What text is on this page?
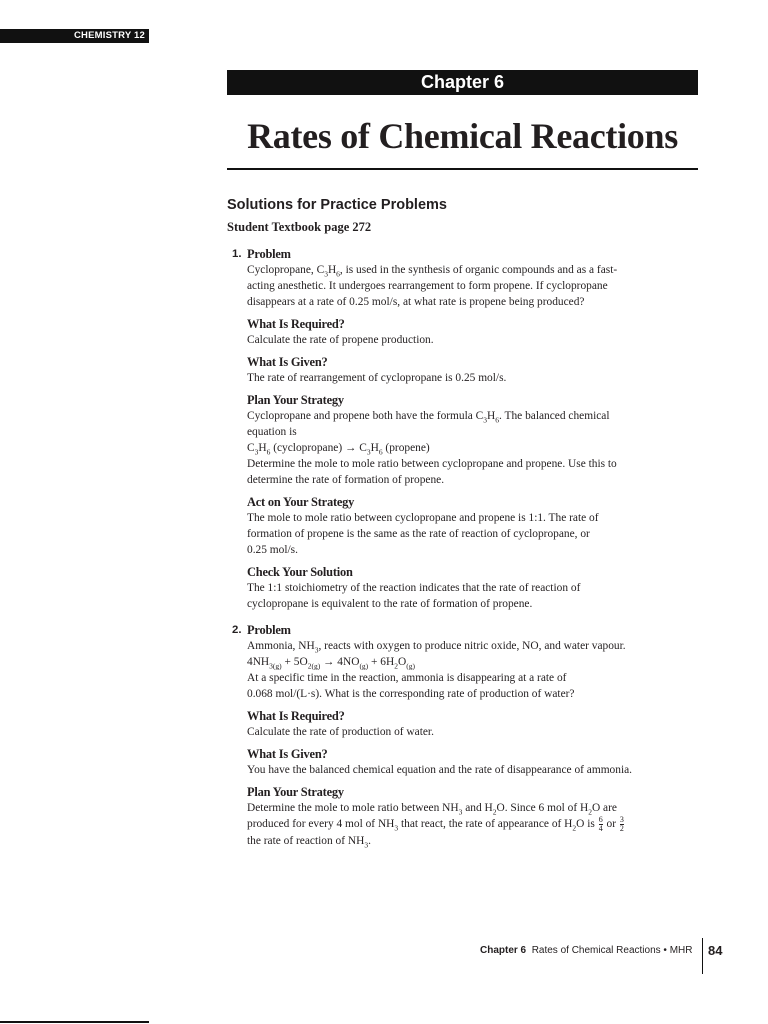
CHEMISTRY 12
Chapter 6
Rates of Chemical Reactions
Solutions for Practice Problems
Student Textbook page 272
1. Problem
Cyclopropane, $C_3H_6$, is used in the synthesis of organic compounds and as a fast-
acting anesthetic. It undergoes rearrangement to form propene. If cyclopropane
disappears at a rate of 0.25 mol/s, at what rate is propene being produced?
What Is Required?
Calculate the rate of propene production.
What Is Given?
The rate of rearrangement of cyclopropane is 0.25 mol/s.
Plan Your Strategy
Cyclopropane and propene both have the formula $C_3H_6$. The balanced chemical
equation is
$C_3H_6$ (cyclopropane) → $C_3H_6$ (propene)
Determine the mole to mole ratio between cyclopropane and propene. Use this to
determine the rate of formation of propene.
Act on Your Strategy
The mole to mole ratio between cyclopropane and propene is 1:1. The rate of
formation of propene is the same as the rate of reaction of cyclopropane, or
0.25 mol/s.
Check Your Solution
The 1:1 stoichiometry of the reaction indicates that the rate of reaction of
cyclopropane is equivalent to the rate of formation of propene.
2. Problem
Ammonia, $NH_3$, reacts with oxygen to produce nitric oxide, NO, and water vapour.
$4NH_{3(g)} + 5O_{2(g)} \to 4NO_{(g)} + 6H_2O_{(g)}$
At a specific time in the reaction, ammonia is disappearing at a rate of
0.068 mol/(L·s). What is the corresponding rate of production of water?
What Is Required?
Calculate the rate of production of water.
What Is Given?
You have the balanced chemical equation and the rate of disappearance of ammonia.
Plan Your Strategy
Determine the mole to mole ratio between $NH_3$ and $H_2O$. Since 6 mol of $H_2O$ are
produced for every 4 mol of $NH_3$ that react, the rate of appearance of $H_2O$ is $\frac{6}{4}$ or $\frac{3}{2}$
the rate of reaction of $NH_3$.
Chapter 6 Rates of Chemical Reactions • MHR 84
